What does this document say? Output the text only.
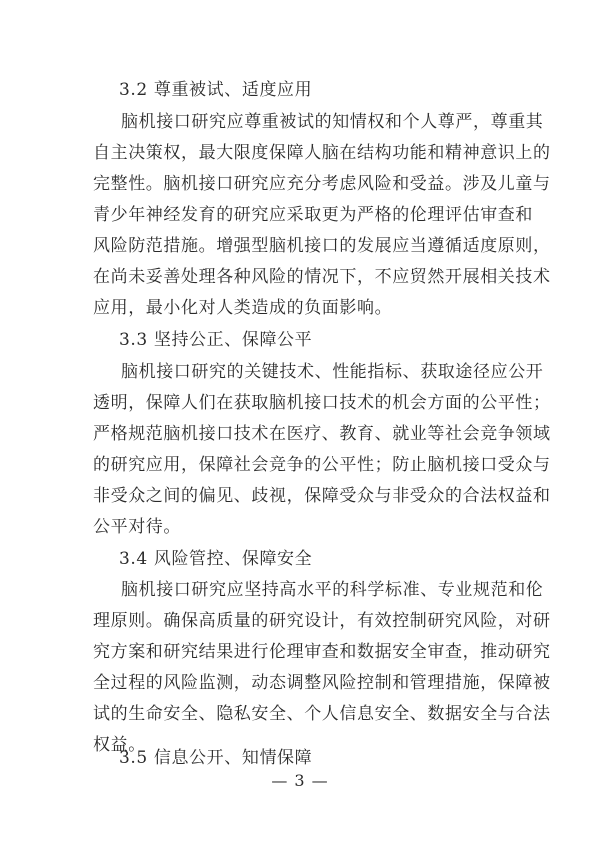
3.2 尊重被试、适度应用
脑机接口研究应尊重被试的知情权和个人尊严，尊重其
自主决策权，最大限度保障人脑在结构功能和精神意识上的
完整性。脑机接口研究应充分考虑风险和受益。涉及儿童与
青少年神经发育的研究应采取更为严格的伦理评估审查和
风险防范措施。增强型脑机接口的发展应当遵循适度原则，
在尚未妥善处理各种风险的情况下，不应贸然开展相关技术
应用，最小化对人类造成的负面影响。
3.3 坚持公正、保障公平
脑机接口研究的关键技术、性能指标、获取途径应公开
透明，保障人们在获取脑机接口技术的机会方面的公平性；
严格规范脑机接口技术在医疗、教育、就业等社会竞争领域
的研究应用，保障社会竞争的公平性；防止脑机接口受众与
非受众之间的偏见、歧视，保障受众与非受众的合法权益和
公平对待。
3.4 风险管控、保障安全
脑机接口研究应坚持高水平的科学标准、专业规范和伦
理原则。确保高质量的研究设计，有效控制研究风险，对研
究方案和研究结果进行伦理审查和数据安全审查，推动研究
全过程的风险监测，动态调整风险控制和管理措施，保障被
试的生命安全、隐私安全、个人信息安全、数据安全与合法
权益。
3.5 信息公开、知情保障
— 3 —
